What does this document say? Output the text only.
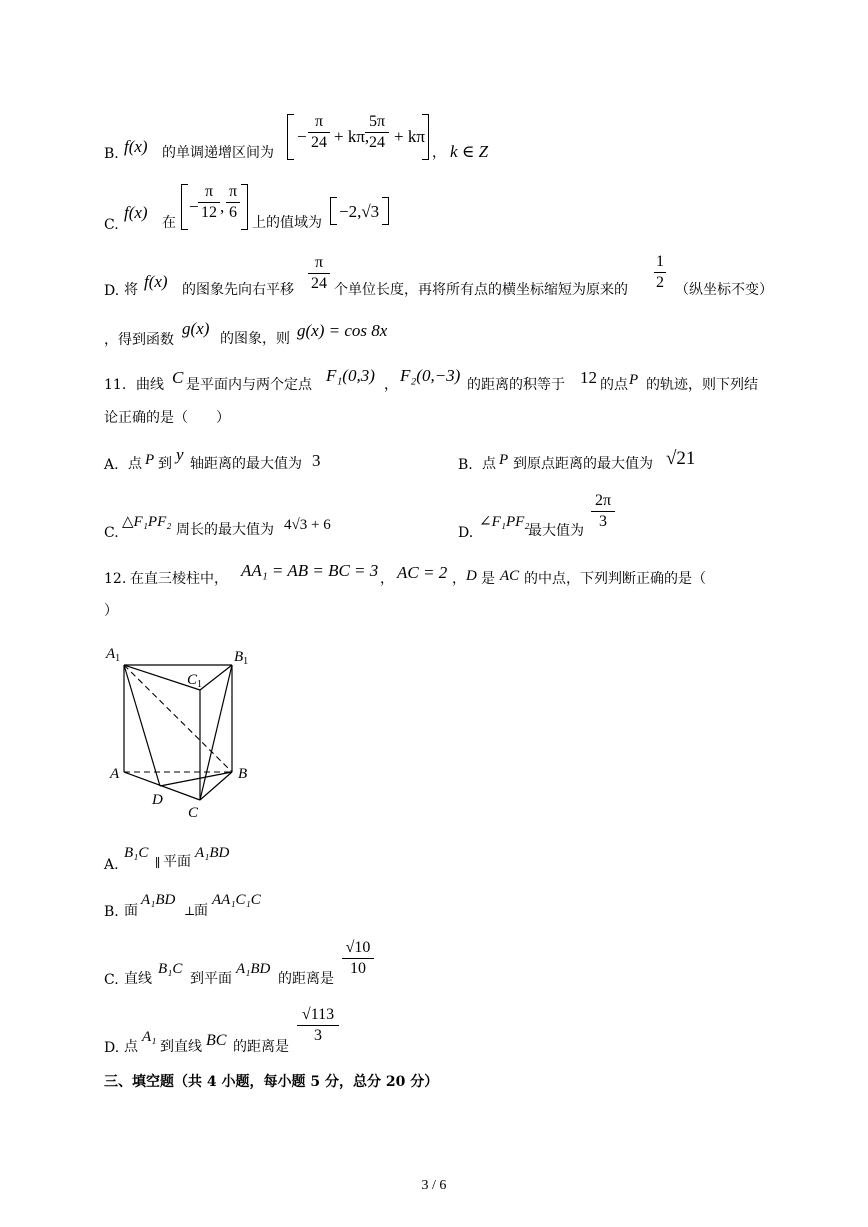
B. f(x) 的单调递增区间为
−
π
24 + kπ,
5π
24 + kπ
， k ∈ Z
C.
f(x)
在
−
π
12 ,
π
6
上的值域为
−2,√3
D. 将 f(x) 的图象先向右平移
π
24 个单位长度，再将所有点的横坐标缩短为原来的
1
2 （纵坐标不变）
，得到函数
g(x)
的图象，则 g(x) = cos 8x
11. 曲线 C 是平面内与两个定点 F₁(0,3) ， F₂(0,−3) 的距离的积等于 12 的点 P 的轨迹，则下列结
论正确的是（　　）
A. 点 P 到 y 轴距离的最大值为 3	B. 点 P 到原点距离的最大值为 √21
C.
△F₁PF₂ 周长的最大值为 4√3 + 6	D.
∠F₁PF₂
最大值为
2π
3
12. 在直三棱柱中， AA₁ = AB = BC = 3 ， AC = 2 ， D 是 AC 的中点，下列判断正确的是（
）
$A_1$	$B_1$
$C_1$
A	B
C
D
A.
B₁C
∥ 平面
A₁BD
B. 面
A₁BD
⊥
面
AA₁C₁C
C. 直线
B₁C
到平面
A₁BD
的距离是
√10
10
D. 点
A₁
到直线 BC 的距离是
√113
3
三、填空题（共 4 小题，每小题 5 分，总分 20 分）
3 / 6
